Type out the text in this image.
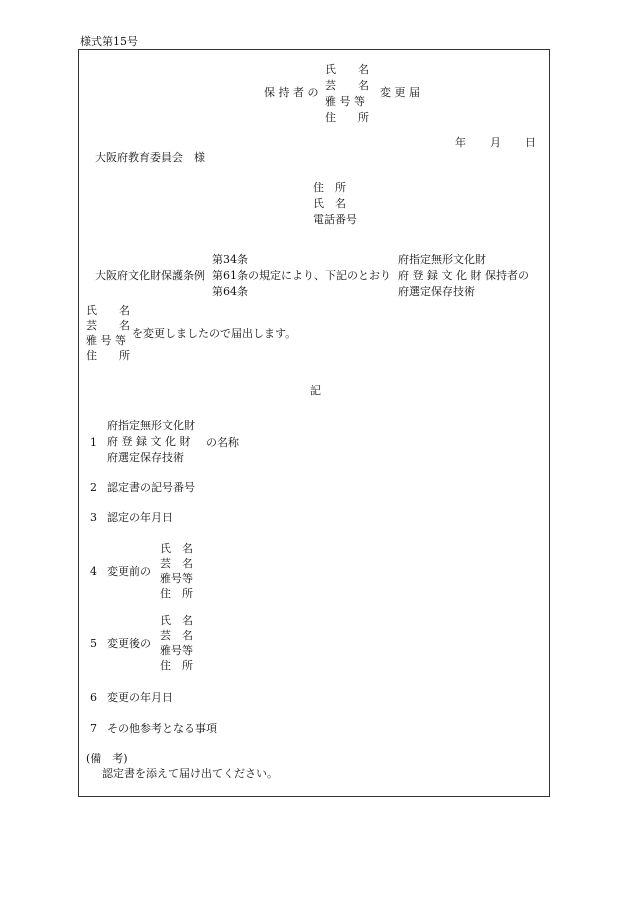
様式第15号
保 持 者 の
氏　　名
芸　　名
雅 号 等
住　　所
変 更 届
年 月 日
大阪府教育委員会　様
住　所
氏　名
電話番号
第34条
第61条
第64条
大阪府文化財保護条例	の規定により、下記のとおり
府指定無形文化財
府 登 録 文 化 財
府選定保存技術
保持者の
氏　　名
芸　　名
雅 号 等
住　　所
を変更しましたので届出します。
記
1
府指定無形文化財
府 登 録 文 化 財
府選定保存技術
の名称
2 認定書の記号番号
3 認定の年月日
4 変更前の
氏　名
芸　名
雅号等
住　所
5 変更後の
氏　名
芸　名
雅号等
住　所
6 変更の年月日
7 その他参考となる事項
(備　考)
認定書を添えて届け出てください。
